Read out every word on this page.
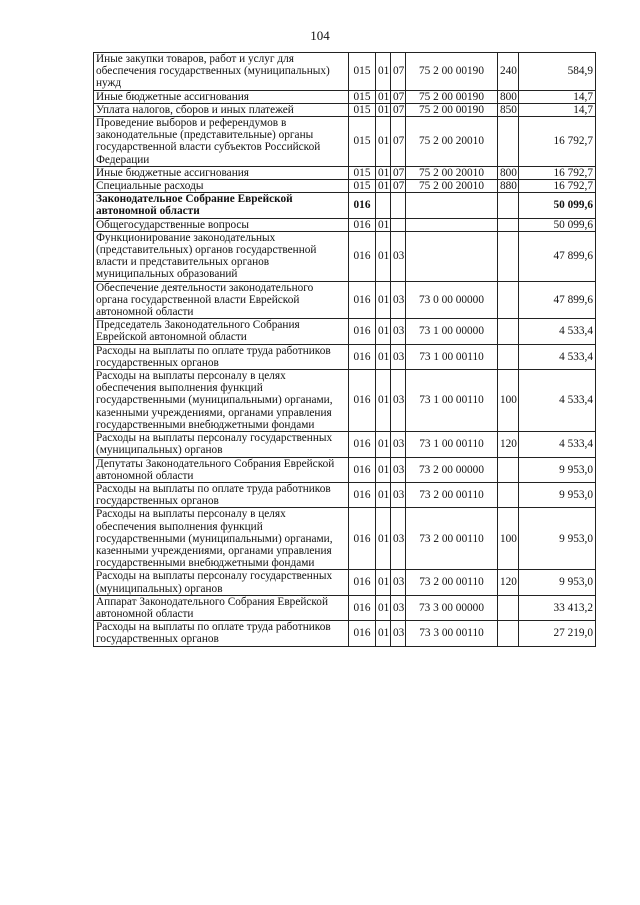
104
Иные закупки товаров, работ и услуг для обеспечения государственных (муниципальных) нужд	015	01	07	75 2 00 00190	240	584,9
Иные бюджетные ассигнования	015	01	07	75 2 00 00190	800	14,7
Уплата налогов, сборов и иных платежей	015	01	07	75 2 00 00190	850	14,7
Проведение выборов и референдумов в законодательные (представительные) органы государственной власти субъектов Российской Федерации	015	01	07	75 2 00 20010		16 792,7
Иные бюджетные ассигнования	015	01	07	75 2 00 20010	800	16 792,7
Специальные расходы	015	01	07	75 2 00 20010	880	16 792,7
Законодательное Собрание Еврейской автономной области	016					50 099,6
Общегосударственные вопросы	016	01				50 099,6
Функционирование законодательных (представительных) органов государственной власти и представительных органов муниципальных образований	016	01	03			47 899,6
Обеспечение деятельности законодательного органа государственной власти Еврейской автономной области	016	01	03	73 0 00 00000		47 899,6
Председатель Законодательного Собрания Еврейской автономной области	016	01	03	73 1 00 00000		4 533,4
Расходы на выплаты по оплате труда работников государственных органов	016	01	03	73 1 00 00110		4 533,4
Расходы на выплаты персоналу в целях обеспечения выполнения функций государственными (муниципальными) органами, казенными учреждениями, органами управления государственными внебюджетными фондами	016	01	03	73 1 00 00110	100	4 533,4
Расходы на выплаты персоналу государственных (муниципальных) органов	016	01	03	73 1 00 00110	120	4 533,4
Депутаты Законодательного Собрания Еврейской автономной области	016	01	03	73 2 00 00000		9 953,0
Расходы на выплаты по оплате труда работников государственных органов	016	01	03	73 2 00 00110		9 953,0
Расходы на выплаты персоналу в целях обеспечения выполнения функций государственными (муниципальными) органами, казенными учреждениями, органами управления государственными внебюджетными фондами	016	01	03	73 2 00 00110	100	9 953,0
Расходы на выплаты персоналу государственных (муниципальных) органов	016	01	03	73 2 00 00110	120	9 953,0
Аппарат Законодательного Собрания Еврейской автономной области	016	01	03	73 3 00 00000		33 413,2
Расходы на выплаты по оплате труда работников государственных органов	016	01	03	73 3 00 00110		27 219,0
